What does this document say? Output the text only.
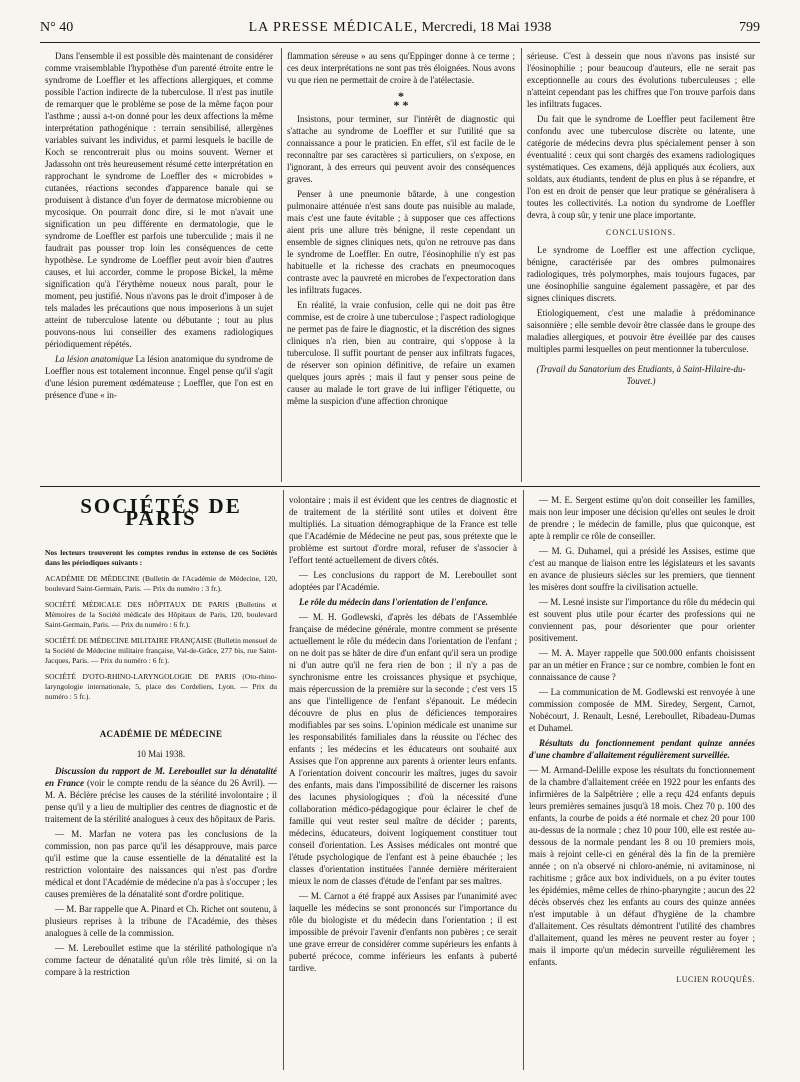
N° 40	LA PRESSE MÉDICALE, Mercredi, 18 Mai 1938	799

Dans l'ensemble il est possible dès maintenant de considérer comme vraisemblable l'hypothèse d'un parenté étroite entre le syndrome de Loeffler et les affections allergiques, et comme possible l'action indirecte de la tuberculose. Il n'est pas inutile de remarquer que le problème se pose de la même façon pour l'asthme ; aussi a-t-on donné pour les deux affections la même interprétation pathogénique : terrain sensibilisé, allergènes variables suivant les individus, et parmi lesquels le bacille de Koch se rencontrerait plus ou moins souvent. Werner et Jadassohn ont très heureusement résumé cette interprétation en rapprochant le syndrome de Loeffler des « microbides » cutanées, réactions secondes d'apparence banale qui se produisent à distance d'un foyer de dermatose microbienne ou mycosique. On pourrait donc dire, si le mot n'avait une signification un peu différente en dermatologie, que le syndrome de Loeffler est parfois une tuberculide ; mais il ne faudrait pas pousser trop loin les conséquences de cette hypothèse. Le syndrome de Loeffler peut avoir bien d'autres causes, et lui accorder, comme le propose Bickel, la même signification qu'à l'érythème noueux nous paraît, pour le moment, peu justifié. Nous n'avons pas le droit d'imposer à de tels malades les précautions que nous imposerions à un sujet atteint de tuberculose latente ou débutante ; tout au plus pouvons-nous lui conseiller des examens radiologiques périodiquement répétés.

La lésion anatomique La lésion anatomique du syndrome de Loeffler nous est totalement inconnue. Engel pense qu'il s'agit d'une lésion purement œdémateuse ; Loeffler, que l'on est en présence d'une « in-

flammation séreuse » au sens qu'Eppinger donne à ce terme ; ces deux interprétations ne sont pas très éloignées. Nous avons vu que rien ne permettait de croire à de l'atélectasie.

*
* *

Insistons, pour terminer, sur l'intérêt de diagnostic qui s'attache au syndrome de Loeffler et sur l'utilité que sa connaissance a pour le praticien. En effet, s'il est facile de le reconnaître par ses caractères si particuliers, on s'expose, en l'ignorant, à des erreurs qui peuvent avoir des conséquences graves.

Penser à une pneumonie bâtarde, à une congestion pulmonaire atténuée n'est sans doute pas nuisible au malade, mais c'est une faute évitable ; à supposer que ces affections aient pris une allure très bénigne, il reste cependant un ensemble de signes cliniques nets, qu'on ne retrouve pas dans le syndrome de Loeffler. En outre, l'éosinophilie n'y est pas habituelle et la richesse des crachats en pneumocoques contraste avec la pauvreté en microbes de l'expectoration dans les infiltrats fugaces.

En réalité, la vraie confusion, celle qui ne doit pas être commise, est de croire à une tuberculose ; l'aspect radiologique ne permet pas de faire le diagnostic, et la discrétion des signes cliniques n'a rien, bien au contraire, qui s'oppose à la tuberculose. Il suffit pourtant de penser aux infiltrats fugaces, de réserver son opinion définitive, de refaire un examen quelques jours après ; mais il faut y penser sous peine de causer au malade le tort grave de lui infliger l'étiquette, ou même la suspicion d'une affection chronique

sérieuse. C'est à dessein que nous n'avons pas insisté sur l'éosinophilie ; pour beaucoup d'auteurs, elle ne serait pas exceptionnelle au cours des évolutions tuberculeuses ; elle n'atteint cependant pas les chiffres que l'on trouve parfois dans les infiltrats fugaces.

Du fait que le syndrome de Loeffler peut facilement être confondu avec une tuberculose discrète ou latente, une catégorie de médecins devra plus spécialement penser à son éventualité : ceux qui sont chargés des examens radiologiques systématiques. Ces examens, déjà appliqués aux écoliers, aux soldats, aux étudiants, tendent de plus en plus à se répandre, et l'on est en droit de penser que leur pratique se généralisera à toutes les collectivités. La notion du syndrome de Loeffler devra, à coup sûr, y tenir une place importante.

CONCLUSIONS.

Le syndrome de Loeffler est une affection cyclique, bénigne, caractérisée par des ombres pulmonaires radiologiques, très polymorphes, mais toujours fugaces, par une éosinophilie sanguine également passagère, et par des signes cliniques discrets.

Etiologiquement, c'est une maladie à prédominance saisonnière ; elle semble devoir être classée dans le groupe des maladies allergiques, et pouvoir être éveillée par des causes multiples parmi lesquelles on peut mentionner la tuberculose.

(Travail du Sanatorium des Etudiants, à Saint-Hilaire-du-Touvet.)
SOCIÉTÉS DE PARIS

Nos lecteurs trouveront les comptes rendus in extenso de ces Sociétés dans les périodiques suivants :

ACADÉMIE DE MÉDECINE (Bulletin de l'Académie de Médecine, 120, boulevard Saint-Germain, Paris. — Prix du numéro : 3 fr.).

SOCIÉTÉ MÉDICALE DES HÔPITAUX DE PARIS (Bulletins et Mémoires de la Société médicale des Hôpitaux de Paris, 120, boulevard Saint-Germain, Paris. — Prix du numéro : 6 fr.).

SOCIÉTÉ DE MÉDECINE MILITAIRE FRANÇAISE (Bulletin mensuel de la Société de Médecine militaire française, Val-de-Grâce, 277 bis, rue Saint-Jacques, Paris. — Prix du numéro : 6 fr.).

SOCIÉTÉ D'OTO-RHINO-LARYNGOLOGIE DE PARIS (Oto-rhino-laryngologie internationale, 5, place des Cordeliers, Lyon. — Prix du numéro : 5 fr.).

ACADÉMIE DE MÉDECINE
10 Mai 1938.

Discussion du rapport de M. Lereboullet sur la dénatalité en France (voir le compte rendu de la séance du 26 Avril). — M. A. Béclère précise les causes de la stérilité involontaire ; il pense qu'il y a lieu de multiplier des centres de diagnostic et de traitement de la stérilité analogues à ceux des hôpitaux de Paris.

— M. Marfan ne votera pas les conclusions de la commission, non pas parce qu'il les désapprouve, mais parce qu'il estime que la cause essentielle de la dénatalité est la restriction volontaire des naissances qui n'est pas d'ordre médical et dont l'Académie de médecine n'a pas à s'occuper ; les causes premières de la dénatalité sont d'ordre politique.

— M. Bar rappelle que A. Pinard et Ch. Richet ont soutenu, à plusieurs reprises à la tribune de l'Académie, des thèses analogues à celle de la commission.

— M. Lereboullet estime que la stérilité pathologique n'a comme facteur de dénatalité qu'un rôle très limité, si on la compare à la restriction

volontaire ; mais il est évident que les centres de diagnostic et de traitement de la stérilité sont utiles et doivent être multipliés. La situation démographique de la France est telle que l'Académie de Médecine ne peut pas, sous prétexte que le problème est surtout d'ordre moral, refuser de s'associer à l'effort tenté actuellement de divers côtés.

— Les conclusions du rapport de M. Lereboullet sont adoptées par l'Académie.

Le rôle du médecin dans l'orientation de l'enfance.

— M. H. Godlewski, d'après les débats de l'Assemblée française de médecine générale, montre comment se présente actuellement le rôle du médecin dans l'orientation de l'enfant ; on ne doit pas se hâter de dire d'un enfant qu'il sera un prodige ni d'un autre qu'il ne fera rien de bon ; il n'y a pas de synchronisme entre les croissances physique et psychique, mais répercussion de la première sur la seconde ; c'est vers 15 ans que l'intelligence de l'enfant s'épanouit. Le médecin découvre de plus en plus de déficiences temporaires modifiables par ses soins. L'opinion médicale est unanime sur les responsabilités familiales dans la réussite ou l'échec des enfants ; les médecins et les éducateurs ont souhaité aux Assises que l'on apprenne aux parents à orienter leurs enfants. A l'orientation doivent concourir les maîtres, juges du savoir des enfants, mais dans l'impossibilité de discerner les raisons des lacunes physiologiques ; d'où la nécessité d'une collaboration médico-pédagogique pour éclairer le chef de famille qui veut rester seul maître de décider ; parents, médecins, éducateurs, doivent logiquement constituer tout conseil d'orientation. Les Assises médicales ont montré que l'étude psychologique de l'enfant est à peine ébauchée ; les classes d'orientation instituées l'année dernière mériteraient mieux le nom de classes d'étude de l'enfant par ses maîtres.

— M. Carnot a été frappé aux Assises par l'unanimité avec laquelle les médecins se sont prononcés sur l'importance du rôle du biologiste et du médecin dans l'orientation ; il est impossible de prévoir l'avenir d'enfants non pubères ; ce serait une grave erreur de considérer comme supérieurs les enfants à puberté précoce, comme inférieurs les enfants à puberté tardive.

— M. E. Sergent estime qu'on doit conseiller les familles, mais non leur imposer une décision qu'elles ont seules le droit de prendre ; le médecin de famille, plus que quiconque, est apte à remplir ce rôle de conseiller.

— M. G. Duhamel, qui a présidé les Assises, estime que c'est au manque de liaison entre les législateurs et les savants en avance de plusieurs siècles sur les premiers, que tiennent les misères dont souffre la civilisation actuelle.

— M. Lesné insiste sur l'importance du rôle du médecin qui est souvent plus utile pour écarter des professions qui ne conviennent pas, pour désorienter que pour orienter positivement.

— M. A. Mayer rappelle que 500.000 enfants choisissent par an un métier en France ; sur ce nombre, combien le font en connaissance de cause ?

— La communication de M. Godlewski est renvoyée à une commission composée de MM. Siredey, Sergent, Carnot, Nobécourt, J. Renault, Lesné, Lereboullet, Ribadeau-Dumas et Duhamel.

Résultats du fonctionnement pendant quinze années d'une chambre d'allaitement régulièrement surveillée.

— M. Armand-Delille expose les résultats du fonctionnement de la chambre d'allaitement créée en 1922 pour les enfants des infirmières de la Salpêtrière ; elle a reçu 424 enfants depuis leurs premières semaines jusqu'à 18 mois. Chez 70 p. 100 des enfants, la courbe de poids a été normale et chez 20 pour 100 au-dessus de la normale ; chez 10 pour 100, elle est restée au-dessous de la normale pendant les 8 ou 10 premiers mois, mais à rejoint celle-ci en général dès la fin de la première année ; on n'a observé ni chloro-anémie, ni avitaminose, ni rachitisme ; grâce aux box individuels, on a pu éviter toutes les épidémies, même celles de rhino-pharyngite ; aucun des 22 décès observés chez les enfants au cours des quinze années n'est imputable à un défaut d'hygiène de la chambre d'allaitement. Ces résultats démontrent l'utilité des chambres d'allaitement, quand les mères ne peuvent rester au foyer ; mais il importe qu'un médecin surveille régulièrement les enfants.

LUCIEN ROUQUÈS.
